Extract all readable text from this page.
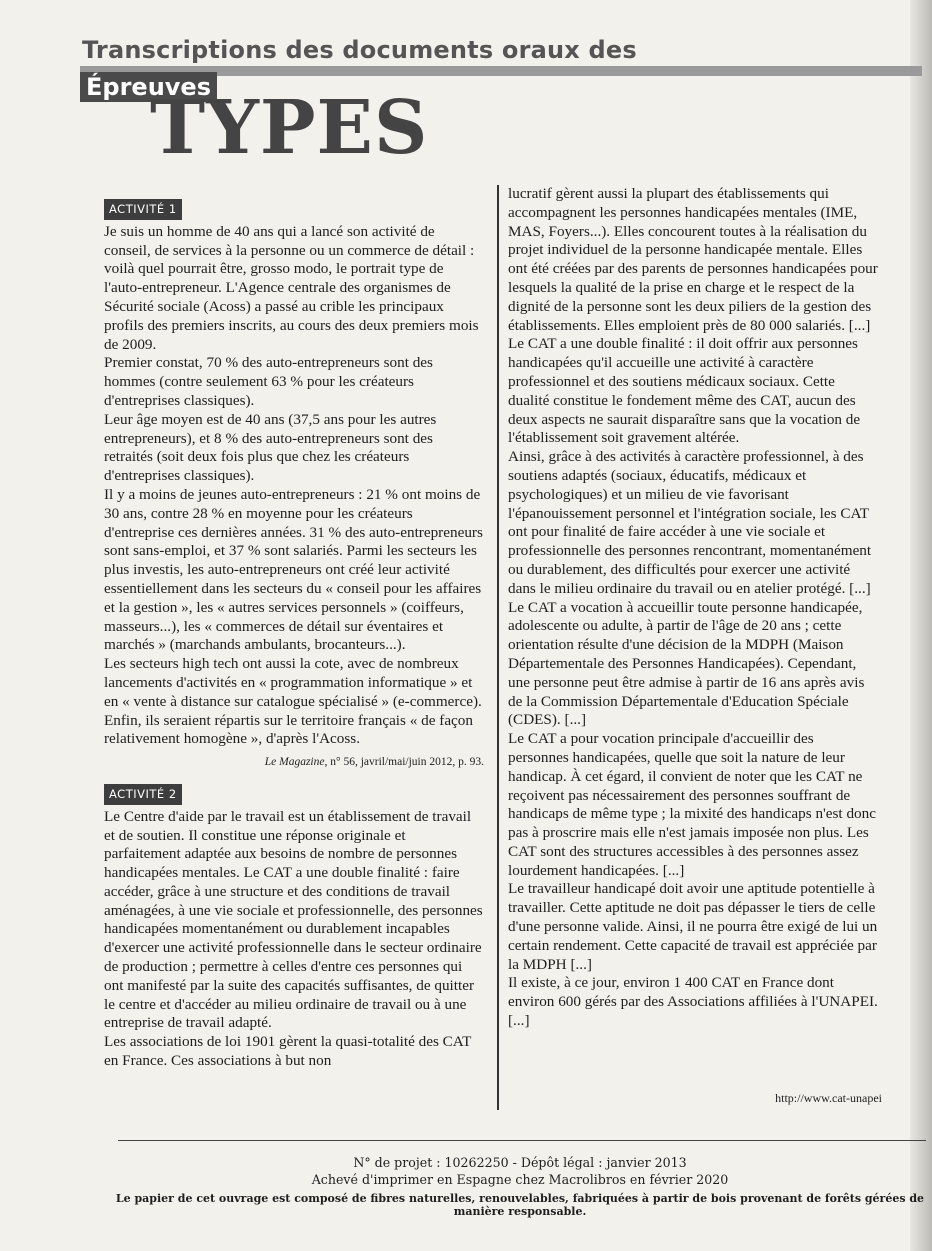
Transcriptions des documents oraux des
Épreuves
TYPES
ACTIVITÉ 1

Je suis un homme de 40 ans qui a lancé son activité de conseil, de services à la personne ou un commerce de détail : voilà quel pourrait être, grosso modo, le portrait type de l'auto-entrepreneur. L'Agence centrale des organismes de Sécurité sociale (Acoss) a passé au crible les principaux profils des premiers inscrits, au cours des deux premiers mois de 2009.

Premier constat, 70 % des auto-entrepreneurs sont des hommes (contre seulement 63 % pour les créateurs d'entreprises classiques).

Leur âge moyen est de 40 ans (37,5 ans pour les autres entrepreneurs), et 8 % des auto-entrepreneurs sont des retraités (soit deux fois plus que chez les créateurs d'entreprises classiques).

Il y a moins de jeunes auto-entrepreneurs : 21 % ont moins de 30 ans, contre 28 % en moyenne pour les créateurs d'entreprise ces dernières années. 31 % des auto-entrepreneurs sont sans-emploi, et 37 % sont salariés. Parmi les secteurs les plus investis, les auto-entrepreneurs ont créé leur activité essentiellement dans les secteurs du « conseil pour les affaires et la gestion », les « autres services personnels » (coiffeurs, masseurs...), les « commerces de détail sur éventaires et marchés » (marchands ambulants, brocanteurs...).

Les secteurs high tech ont aussi la cote, avec de nombreux lancements d'activités en « programmation informatique » et en « vente à distance sur catalogue spécialisé » (e-commerce). Enfin, ils seraient répartis sur le territoire français « de façon relativement homogène », d'après l'Acoss.

Le Magazine, n° 56, javril/mai/juin 2012, p. 93.
ACTIVITÉ 2

Le Centre d'aide par le travail est un établissement de travail et de soutien. Il constitue une réponse originale et parfaitement adaptée aux besoins de nombre de personnes handicapées mentales. Le CAT a une double finalité : faire accéder, grâce à une structure et des conditions de travail aménagées, à une vie sociale et professionnelle, des personnes handicapées momentanément ou durablement incapables d'exercer une activité professionnelle dans le secteur ordinaire de production ; permettre à celles d'entre ces personnes qui ont manifesté par la suite des capacités suffisantes, de quitter le centre et d'accéder au milieu ordinaire de travail ou à une entreprise de travail adapté.

Les associations de loi 1901 gèrent la quasi-totalité des CAT en France. Ces associations à but non

lucratif gèrent aussi la plupart des établissements qui accompagnent les personnes handicapées mentales (IME, MAS, Foyers...). Elles concourent toutes à la réalisation du projet individuel de la personne handicapée mentale. Elles ont été créées par des parents de personnes handicapées pour lesquels la qualité de la prise en charge et le respect de la dignité de la personne sont les deux piliers de la gestion des établissements. Elles emploient près de 80 000 salariés. [...]

Le CAT a une double finalité : il doit offrir aux personnes handicapées qu'il accueille une activité à caractère professionnel et des soutiens médicaux sociaux. Cette dualité constitue le fondement même des CAT, aucun des deux aspects ne saurait disparaître sans que la vocation de l'établissement soit gravement altérée.

Ainsi, grâce à des activités à caractère professionnel, à des soutiens adaptés (sociaux, éducatifs, médicaux et psychologiques) et un milieu de vie favorisant l'épanouissement personnel et l'intégration sociale, les CAT ont pour finalité de faire accéder à une vie sociale et professionnelle des personnes rencontrant, momentanément ou durablement, des difficultés pour exercer une activité dans le milieu ordinaire du travail ou en atelier protégé. [...]

Le CAT a vocation à accueillir toute personne handicapée, adolescente ou adulte, à partir de l'âge de 20 ans ; cette orientation résulte d'une décision de la MDPH (Maison Départementale des Personnes Handicapées). Cependant, une personne peut être admise à partir de 16 ans après avis de la Commission Départementale d'Education Spéciale (CDES). [...]

Le CAT a pour vocation principale d'accueillir des personnes handicapées, quelle que soit la nature de leur handicap. À cet égard, il convient de noter que les CAT ne reçoivent pas nécessairement des personnes souffrant de handicaps de même type ; la mixité des handicaps n'est donc pas à proscrire mais elle n'est jamais imposée non plus. Les CAT sont des structures accessibles à des personnes assez lourdement handicapées. [...]

Le travailleur handicapé doit avoir une aptitude potentielle à travailler. Cette aptitude ne doit pas dépasser le tiers de celle d'une personne valide. Ainsi, il ne pourra être exigé de lui un certain rendement. Cette capacité de travail est appréciée par la MDPH [...]

Il existe, à ce jour, environ 1 400 CAT en France dont environ 600 gérés par des Associations affiliées à l'UNAPEI. [...]

http://www.cat-unapei
N° de projet : 10262250 - Dépôt légal : janvier 2013
Achevé d'imprimer en Espagne chez Macrolibros en février 2020
Le papier de cet ouvrage est composé de fibres naturelles, renouvelables, fabriquées à partir de bois provenant de forêts gérées de manière responsable.
